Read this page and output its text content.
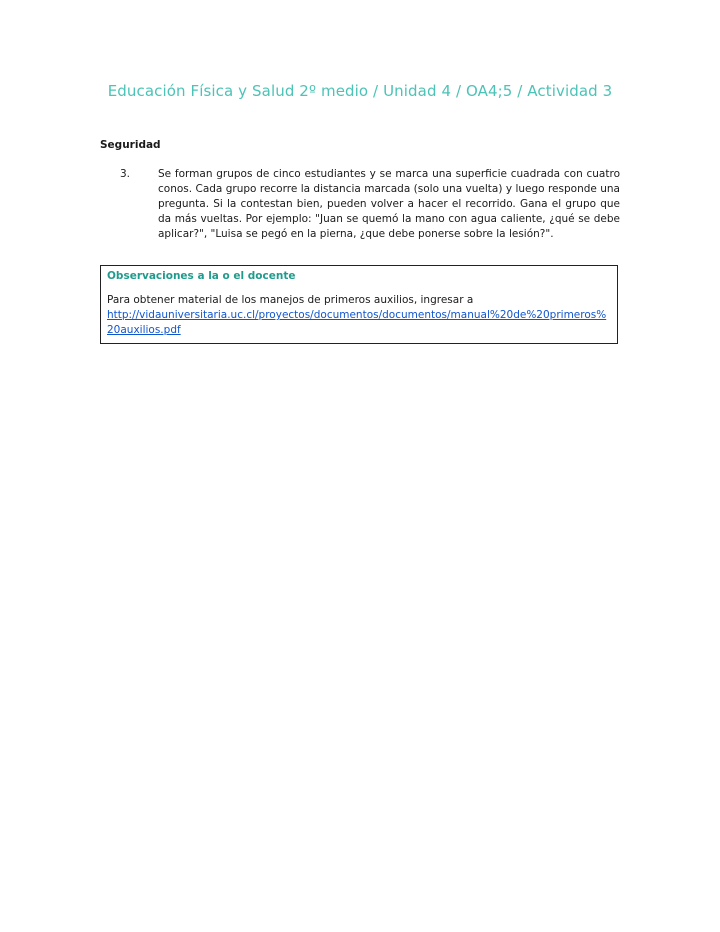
Educación Física y Salud 2º medio / Unidad 4 / OA4;5 / Actividad 3
Seguridad
3.	Se forman grupos de cinco estudiantes y se marca una superficie cuadrada con cuatro conos. Cada grupo recorre la distancia marcada (solo una vuelta) y luego responde una pregunta. Si la contestan bien, pueden volver a hacer el recorrido. Gana el grupo que da más vueltas. Por ejemplo: "Juan se quemó la mano con agua caliente, ¿qué se debe aplicar?", "Luisa se pegó en la pierna, ¿que debe ponerse sobre la lesión?".
Observaciones a la o el docente
Para obtener material de los manejos de primeros auxilios, ingresar a
http://vidauniversitaria.uc.cl/proyectos/documentos/documentos/manual%20de%20primeros%20auxilios.pdf
